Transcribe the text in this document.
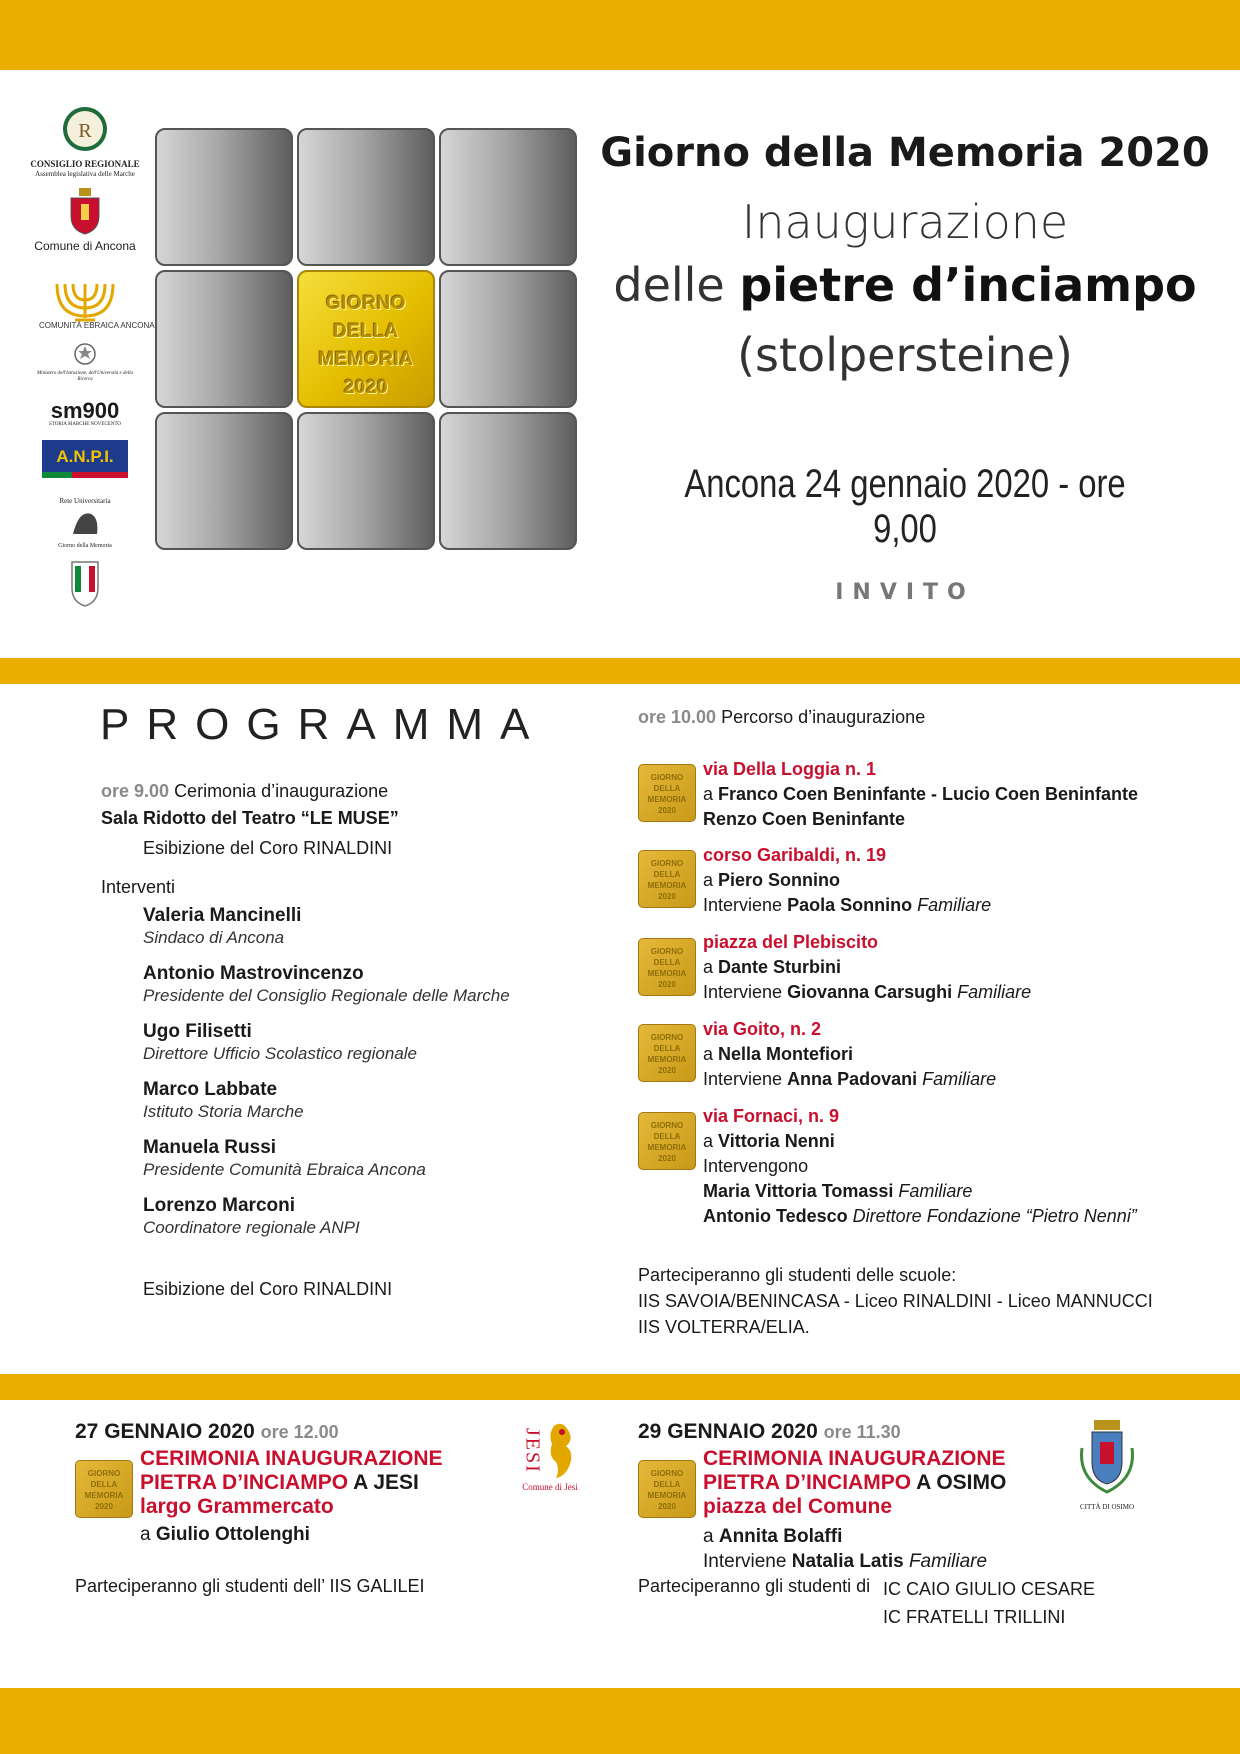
R
CONSIGLIO REGIONALE
Assemblea legislativa delle Marche
Comune di Ancona
COMUNITÀ EBRAICA ANCONA
Ministero dell'Istruzione, dell'Università e della Ricerca
sm900
STORIA MARCHE NOVECENTO
A.N.P.I.
Rete Universitaria
Giorno della Memoria
GIORNO
DELLA
MEMORIA
2020
Giorno della Memoria 2020
Inaugurazione
delle pietre d’inciampo
(stolpersteine)
Ancona 24 gennaio 2020 - ore 9,00
INVITO
PROGRAMMA
ore 9.00 Cerimonia d’inaugurazione
Sala Ridotto del Teatro “LE MUSE”
Esibizione del Coro RINALDINI
Interventi
Valeria Mancinelli
Sindaco di Ancona
Antonio Mastrovincenzo
Presidente del Consiglio Regionale delle Marche
Ugo Filisetti
Direttore Ufficio Scolastico regionale
Marco Labbate
Istituto Storia Marche
Manuela Russi
Presidente Comunità Ebraica Ancona
Lorenzo Marconi
Coordinatore regionale ANPI
Esibizione del Coro RINALDINI
ore 10.00 Percorso d’inaugurazione
GIORNO
DELLA
MEMORIA
2020
via Della Loggia n. 1
a Franco Coen Beninfante - Lucio Coen Beninfante
Renzo Coen Beninfante
GIORNO
DELLA
MEMORIA
2020
corso Garibaldi, n. 19
a Piero Sonnino
Interviene Paola Sonnino Familiare
GIORNO
DELLA
MEMORIA
2020
piazza del Plebiscito
a Dante Sturbini
Interviene Giovanna Carsughi Familiare
GIORNO
DELLA
MEMORIA
2020
via Goito, n. 2
a Nella Montefiori
Interviene Anna Padovani Familiare
GIORNO
DELLA
MEMORIA
2020
via Fornaci, n. 9
a Vittoria Nenni
Intervengono
Maria Vittoria Tomassi Familiare
Antonio Tedesco Direttore Fondazione “Pietro Nenni”
Parteciperanno gli studenti delle scuole:
IIS SAVOIA/BENINCASA - Liceo RINALDINI - Liceo MANNUCCI
IIS VOLTERRA/ELIA.
27 GENNAIO 2020 ore 12.00
GIORNO
DELLA
MEMORIA
2020
CERIMONIA INAUGURAZIONE
PIETRA D’INCIAMPO A JESI
largo Grammercato
a Giulio Ottolenghi
Parteciperanno gli studenti dell’ IIS GALILEI
JESI
Comune di Jesi
29 GENNAIO 2020 ore 11.30
GIORNO
DELLA
MEMORIA
2020
CERIMONIA INAUGURAZIONE
PIETRA D’INCIAMPO A OSIMO
piazza del Comune
a Annita Bolaffi
Interviene Natalia Latis Familiare
Parteciperanno gli studenti di IC CAIO GIULIO CESARE
IC FRATELLI TRILLINI
CITTÀ DI OSIMO
